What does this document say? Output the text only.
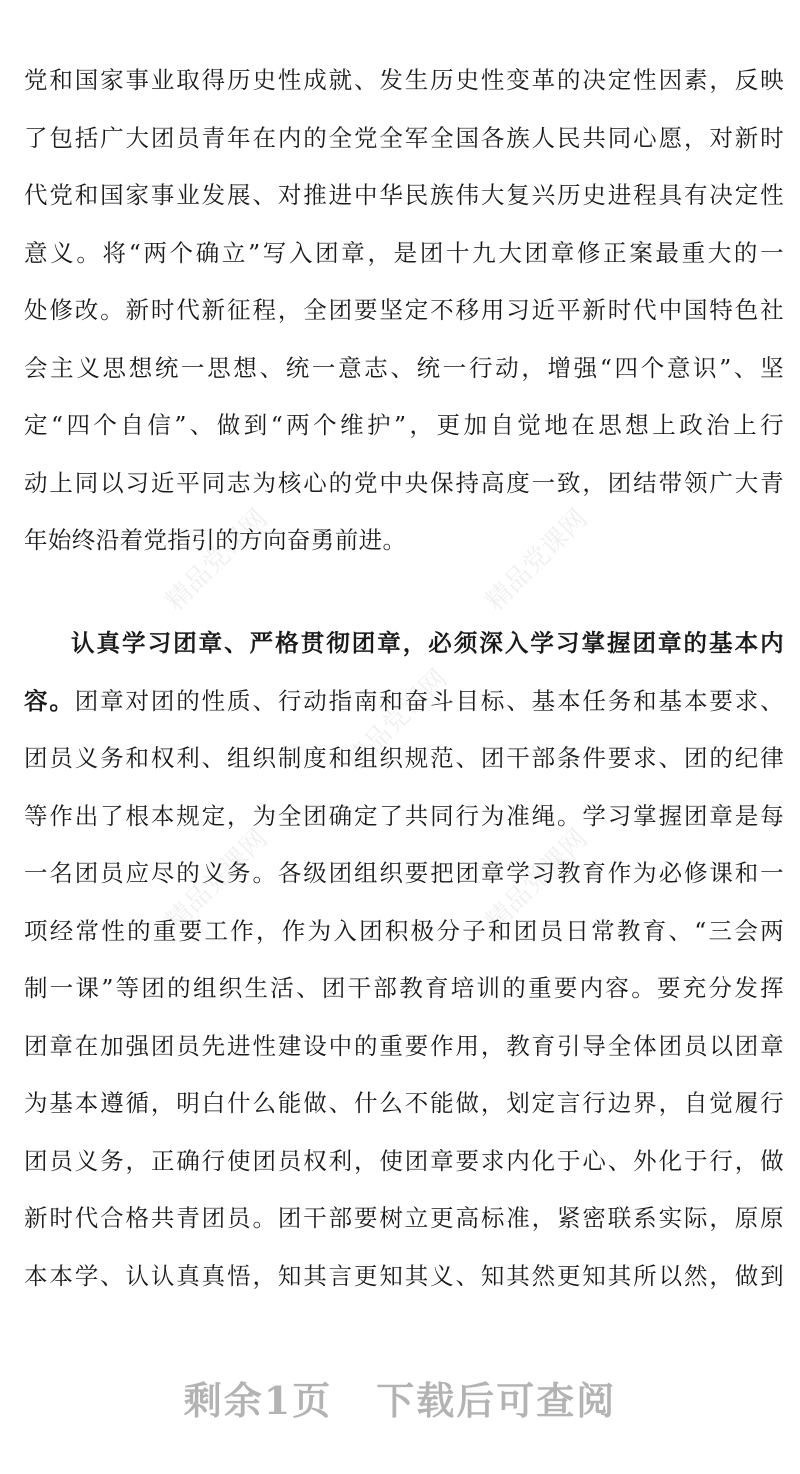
精品党课网	精品党课网
精品党课网
精品党课网	精品党课网
党和国家事业取得历史性成就、发生历史性变革的决定性因素，反映
了包括广大团员青年在内的全党全军全国各族人民共同心愿，对新时
代党和国家事业发展、对推进中华民族伟大复兴历史进程具有决定性
意义。将“两个确立”写入团章，是团十九大团章修正案最重大的一
处修改。新时代新征程，全团要坚定不移用习近平新时代中国特色社
会主义思想统一思想、统一意志、统一行动，增强“四个意识”、坚
定“四个自信”、做到“两个维护”，更加自觉地在思想上政治上行
动上同以习近平同志为核心的党中央保持高度一致，团结带领广大青
年始终沿着党指引的方向奋勇前进。
认真学习团章、严格贯彻团章，必须深入学习掌握团章的基本内
容。团章对团的性质、行动指南和奋斗目标、基本任务和基本要求、
团员义务和权利、组织制度和组织规范、团干部条件要求、团的纪律
等作出了根本规定，为全团确定了共同行为准绳。学习掌握团章是每
一名团员应尽的义务。各级团组织要把团章学习教育作为必修课和一
项经常性的重要工作，作为入团积极分子和团员日常教育、“三会两
制一课”等团的组织生活、团干部教育培训的重要内容。要充分发挥
团章在加强团员先进性建设中的重要作用，教育引导全体团员以团章
为基本遵循，明白什么能做、什么不能做，划定言行边界，自觉履行
团员义务，正确行使团员权利，使团章要求内化于心、外化于行，做
新时代合格共青团员。团干部要树立更高标准，紧密联系实际，原原
本本学、认认真真悟，知其言更知其义、知其然更知其所以然，做到
剩余1页 下载后可查阅
